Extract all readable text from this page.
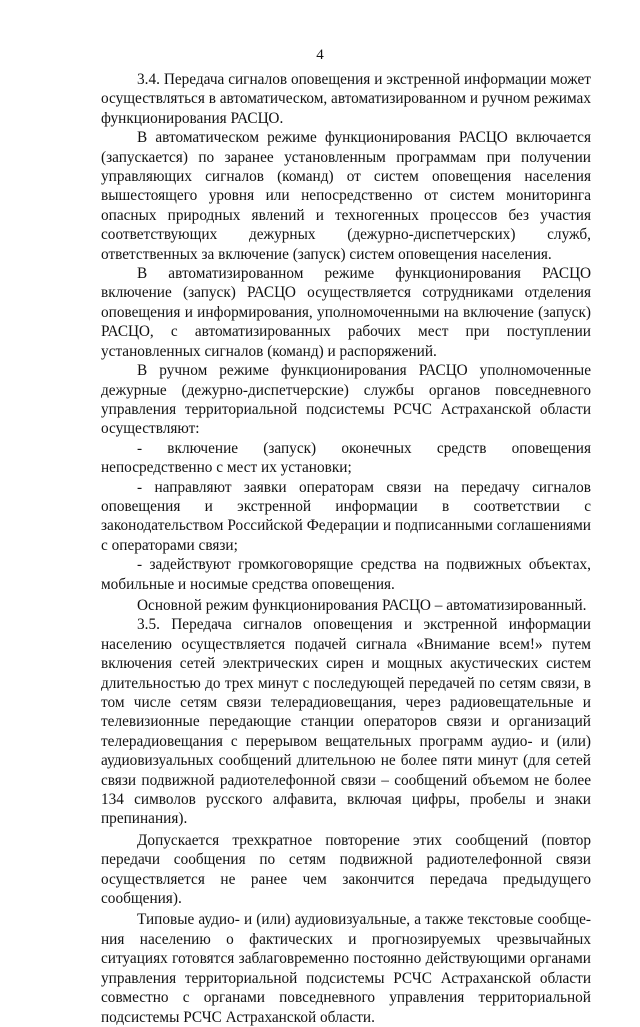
4

3.4. Передача сигналов оповещения и экстренной информации может осуществляться в автоматическом, автоматизированном и ручном режимах функционирования РАСЦО.

В автоматическом режиме функционирования РАСЦО включается (запускается) по заранее установленным программам при получении управляющих сигналов (команд) от систем оповещения населения вышестоящего уровня или непосредственно от систем мониторинга опасных природных явлений и техногенных процессов без участия соответствующих дежурных (дежурно-диспетчерских) служб, ответственных за включение (запуск) систем оповещения населения.

В автоматизированном режиме функционирования РАСЦО включение (запуск) РАСЦО осуществляется сотрудниками отделения оповещения и информирования, уполномоченными на включение (запуск) РАСЦО, с автоматизированных рабочих мест при поступлении установленных сигналов (команд) и распоряжений.

В ручном режиме функционирования РАСЦО уполномоченные дежурные (дежурно-диспетчерские) службы органов повседневного управления территориальной подсистемы РСЧС Астраханской области осуществляют:

- включение (запуск) оконечных средств оповещения непосредственно с мест их установки;

- направляют заявки операторам связи на передачу сигналов оповещения и экстренной информации в соответствии с законодательством Российской Федерации и подписанными соглашениями с операторами связи;

- задействуют громкоговорящие средства на подвижных объектах, мобильные и носимые средства оповещения.

Основной режим функционирования РАСЦО – автоматизированный.

3.5. Передача сигналов оповещения и экстренной информации населению осуществляется подачей сигнала «Внимание всем!» путем включения сетей электрических сирен и мощных акустических систем длительностью до трех минут с последующей передачей по сетям связи, в том числе сетям связи телерадиовещания, через радиовещательные и телевизионные передающие станции операторов связи и организаций телерадиовещания с перерывом вещательных программ аудио- и (или) аудиовизуальных сообщений длительною не более пяти минут (для сетей связи подвижной радиотелефонной связи – сообщений объемом не более 134 символов русского алфавита, включая цифры, пробелы и знаки препинания).

Допускается трехкратное повторение этих сообщений (повтор передачи сообщения по сетям подвижной радиотелефонной связи осуществляется не ранее чем закончится передача предыдущего сообщения).

Типовые аудио- и (или) аудиовизуальные, а также текстовые сообщения населению о фактических и прогнозируемых чрезвычайных ситуациях готовятся заблаговременно постоянно действующими органами управления территориальной подсистемы РСЧС Астраханской области совместно с органами повседневного управления территориальной подсистемы РСЧС Астраханской области.
